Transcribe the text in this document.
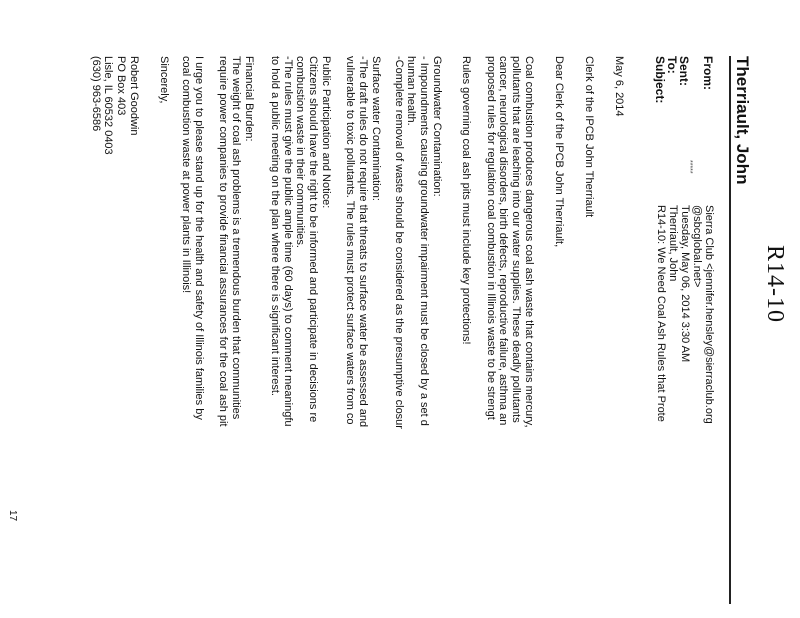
R14-10
Therriault, John
From:
Sierra Club <jennifer.hensley@sierraclub.org
@sbcglobal.net>
Sent:
Tuesday, May 06, 2014 3:30 AM
To:
Therriault, John
Subject:
R14-10: We Need Coal Ash Rules that Prote
*****
May 6, 2014
Clerk of the IPCB John Therriault
Dear Clerk of the IPCB John Therriault,
Coal combustion produces dangerous coal ash waste that contains mercury,
pollutants that are leaching into our water supplies. These deadly pollutants
cancer, neurological disorders, birth defects, reproductive failure, asthma an
proposed rules for regulation coal combustion in Illinois waste to be strengt
Rules governing coal ash pits must include key protections!
Groundwater Contamination:
- Impoundments causing groundwater impairment must be closed by a set d
human health.
-Complete removal of waste should be considered as the presumptive closur
Surface water Contamination:
-The draft rules do not require that threats to surface water be assessed and
vulnerable to toxic pollutants. The rules must protect surface waters from co
Public Participation and Notice:
Citizens should have the right to be informed and participate in decisions re
combustion waste in their communities.
-The rules must give the public ample time (60 days) to comment meaningfu
to hold a public meeting on the plan where there is significant interest.
Financial Burden:
The weight of coal ash problems is a tremendous burden that communities
require power companies to provide financial assurances for the coal ash pit
I urge you to please stand up for the health and safety of Illinois families by
coal combustion waste at power plants in Illinois!
Sincerely,
Robert Goodwin
PO Box 403
Lisle, IL 60532 0403
(630) 963-6586
17
